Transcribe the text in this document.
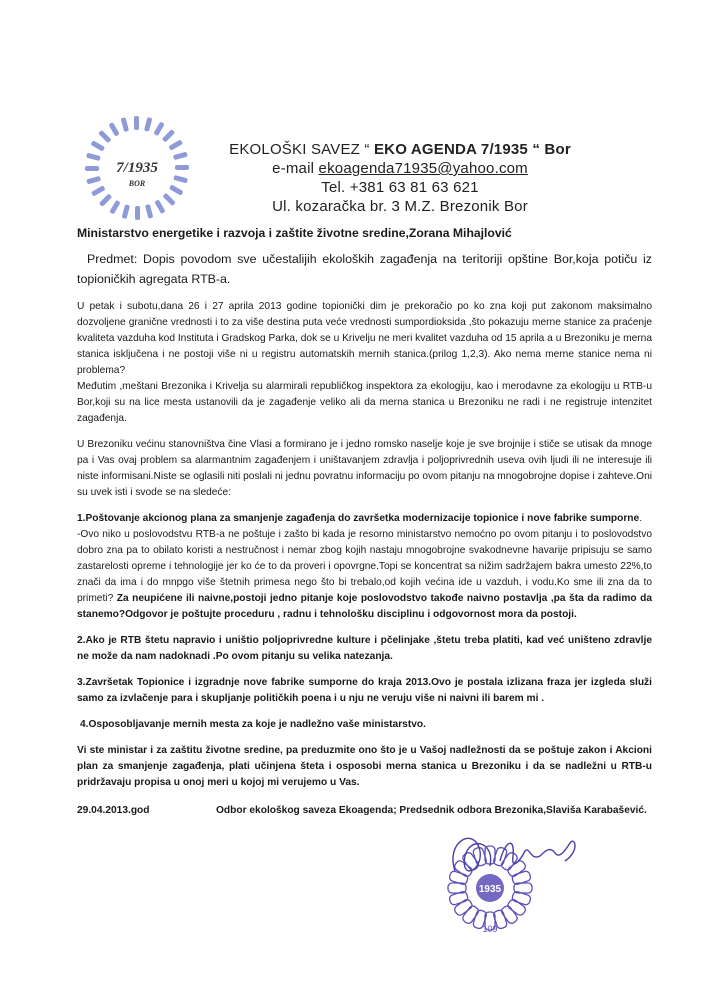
7/1935
BOR
EKOLOŠKI SAVEZ “ EKO AGENDA 7/1935 “ Bor
e-mail ekoagenda71935@yahoo.com
Tel. +381 63 81 63 621
Ul. kozaračka br. 3 M.Z. Brezonik Bor
Ministarstvo energetike i razvoja i zaštite životne sredine,Zorana Mihajlović
Predmet: Dopis povodom sve učestalijih ekoloških zagađenja na teritoriji opštine Bor,koja potiču iz topioničkih agregata RTB-a.
U petak i subotu,dana 26 i 27 aprila 2013 godine topionički dim je prekoračio po ko zna koji put zakonom maksimalno dozvoljene granične vrednosti i to za više destina puta veće vrednosti sumpordioksida ,što pokazuju merne stanice za praćenje kvaliteta vazduha kod Instituta i Gradskog Parka, dok se u Krivelju ne meri kvalitet vazduha od 15 aprila a u Brezoniku je merna stanica isključena i ne postoji više ni u registru automatskih mernih stanica.(prilog 1,2,3). Ako nema merne stanice nema ni problema?
Međutim ,meštani Brezonika i Krivelja su alarmirali republičkog inspektora za ekologiju, kao i merodavne za ekologiju u RTB-u Bor,koji su na lice mesta ustanovili da je zagađenje veliko ali da merna stanica u Brezoniku ne radi i ne registruje intenzitet zagađenja.
U Brezoniku većinu stanovništva čine Vlasi a formirano je i jedno romsko naselje koje je sve brojnije i stiče se utisak da mnoge pa i Vas ovaj problem sa alarmantnim zagađenjem i uništavanjem zdravlja i poljoprivrednih useva ovih ljudi ili ne interesuje ili niste informisani.Niste se oglasili niti poslali ni jednu povratnu informaciju po ovom pitanju na mnogobrojne dopise i zahteve.Oni su uvek isti i svode se na sledeće:
1.Poštovanje akcionog plana za smanjenje zagađenja do završetka modernizacije topionice i nove fabrike sumporne.
-Ovo niko u poslovodstvu RTB-a ne poštuje i zašto bi kada je resorno ministarstvo nemoćno po ovom pitanju i to poslovodstvo dobro zna pa to obilato koristi a nestručnost i nemar zbog kojih nastaju mnogobrojne svakodnevne havarije pripisuju se samo zastarelosti opreme i tehnologije jer ko će to da proveri i opovrgne.Topi se koncentrat sa nižim sadržajem bakra umesto 22%,to znači da ima i do mnpgo više štetnih primesa nego što bi trebalo,od kojih većina ide u vazduh, i vodu.Ko sme ili zna da to primeti? Za neupićene ili naivne,postoji jedno pitanje koje poslovodstvo takođe naivno postavlja ,pa šta da radimo da stanemo?Odgovor je poštujte proceduru , radnu i tehnološku disciplinu i odgovornost mora da postoji.
2.Ako je RTB štetu napravio i uništio poljoprivredne kulture i pčelinjake ,štetu treba platiti, kad već uništeno zdravlje ne može da nam nadoknadi .Po ovom pitanju su velika natezanja.
3.Završetak Topionice i izgradnje nove fabrike sumporne do kraja 2013.Ovo je postala izlizana fraza jer izgleda služi samo za izvlačenje para i skupljanje političkih poena i u nju ne veruju više ni naivni ili barem mi .
4.Osposobljavanje mernih mesta za koje je nadležno vaše ministarstvo.
Vi ste ministar i za zaštitu životne sredine, pa preduzmite ono što je u Vašoj nadležnosti da se poštuje zakon i Akcioni plan za smanjenje zagađenja, plati učinjena šteta i osposobi merna stanica u Brezoniku i da se nadležni u RTB-u pridržavaju propisa u onoj meri u kojoj mi verujemo u Vas.
29.04.2013.god	Odbor ekološkog saveza Ekoagenda; Predsednik odbora Brezonika,Slaviša Karabašević.
1935
109
